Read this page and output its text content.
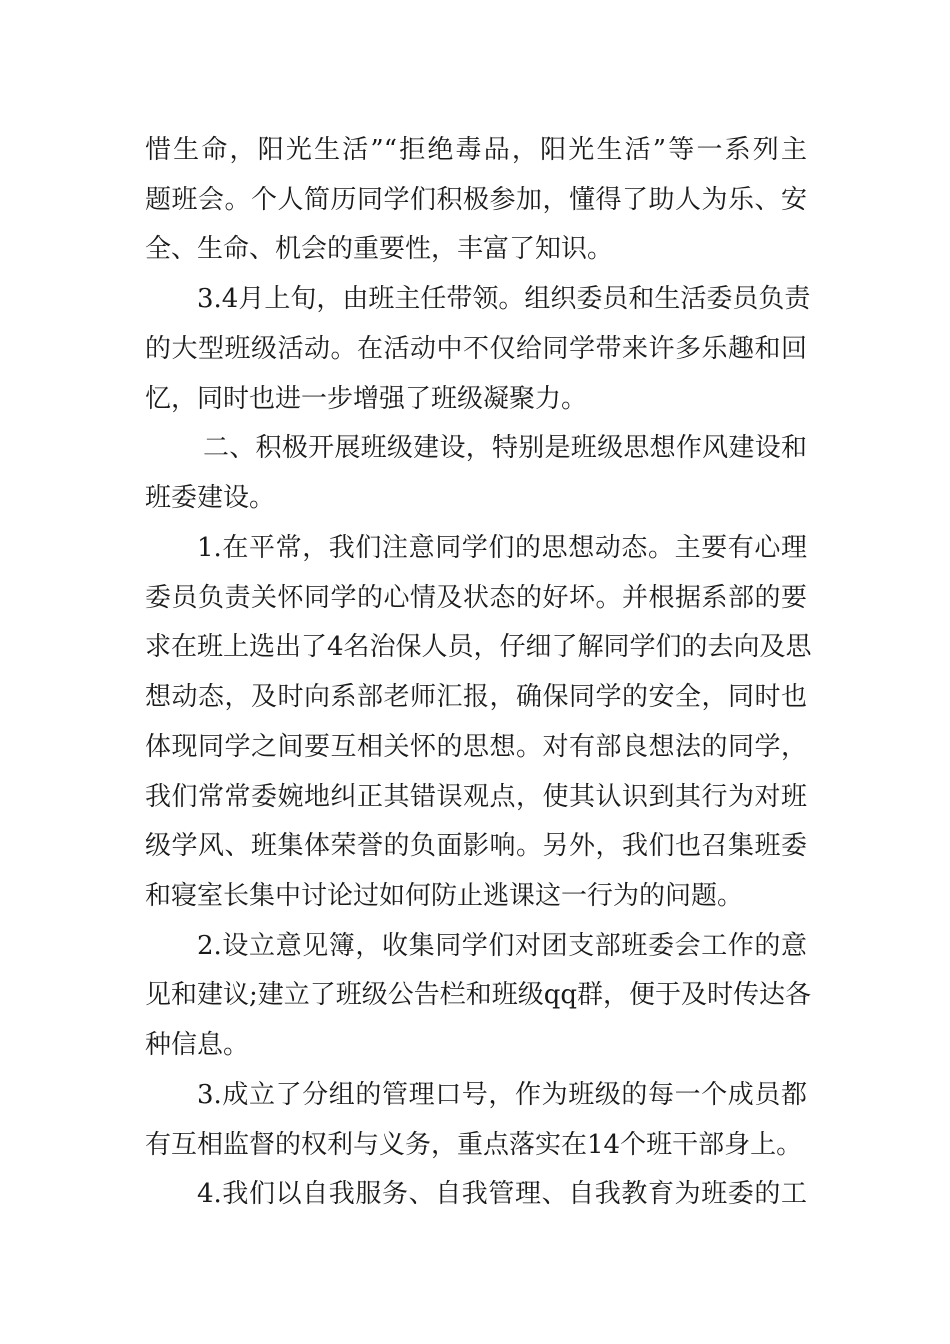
惜生命，阳光生活”“拒绝毒品，阳光生活”等一系列主
题班会。个人简历同学们积极参加，懂得了助人为乐、安
全、生命、机会的重要性，丰富了知识。
3.4月上旬，由班主任带领。组织委员和生活委员负责
的大型班级活动。在活动中不仅给同学带来许多乐趣和回
忆，同时也进一步增强了班级凝聚力。
二、积极开展班级建设，特别是班级思想作风建设和
班委建设。
1.在平常，我们注意同学们的思想动态。主要有心理
委员负责关怀同学的心情及状态的好坏。并根据系部的要
求在班上选出了4名治保人员，仔细了解同学们的去向及思
想动态，及时向系部老师汇报，确保同学的安全，同时也
体现同学之间要互相关怀的思想。对有部良想法的同学，
我们常常委婉地纠正其错误观点，使其认识到其行为对班
级学风、班集体荣誉的负面影响。另外，我们也召集班委
和寝室长集中讨论过如何防止逃课这一行为的问题。
2.设立意见簿，收集同学们对团支部班委会工作的意
见和建议;建立了班级公告栏和班级qq群，便于及时传达各
种信息。
3.成立了分组的管理口号，作为班级的每一个成员都
有互相监督的权利与义务，重点落实在14个班干部身上。
4.我们以自我服务、自我管理、自我教育为班委的工
